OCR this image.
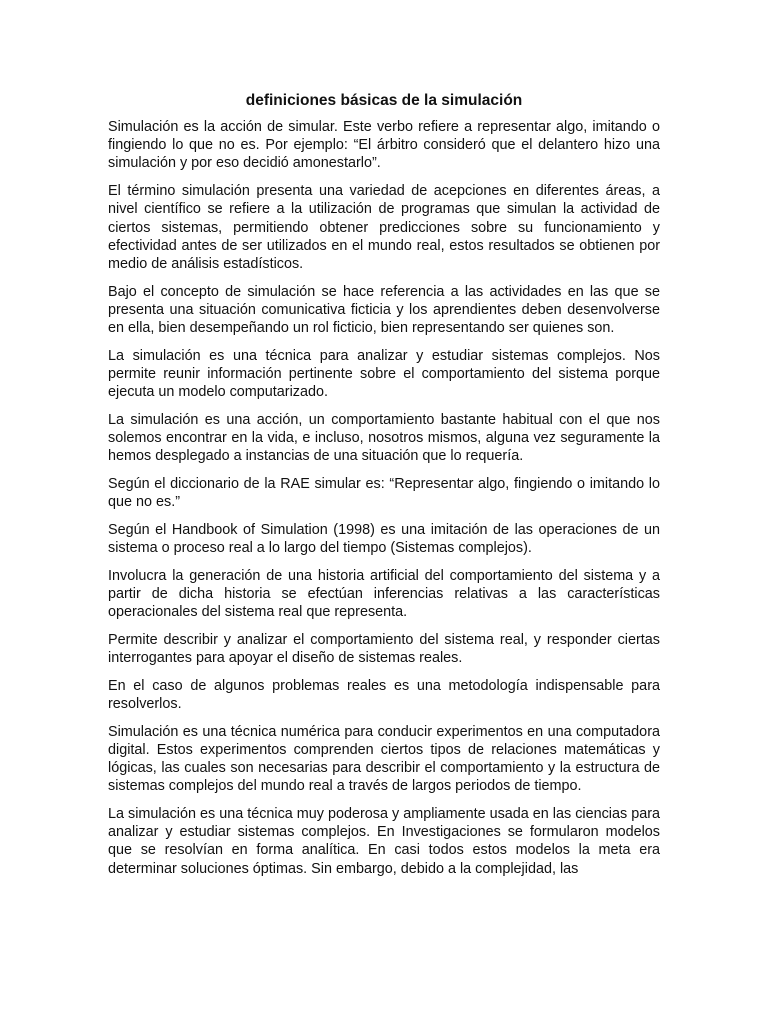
definiciones básicas de la simulación

Simulación es la acción de simular. Este verbo refiere a representar algo, imitando o fingiendo lo que no es. Por ejemplo: “El árbitro consideró que el delantero hizo una simulación y por eso decidió amonestarlo”.

El término simulación presenta una variedad de acepciones en diferentes áreas, a nivel científico se refiere a la utilización de programas que simulan la actividad de ciertos sistemas, permitiendo obtener predicciones sobre su funcionamiento y efectividad antes de ser utilizados en el mundo real, estos resultados se obtienen por medio de análisis estadísticos.

Bajo el concepto de simulación se hace referencia a las actividades en las que se presenta una situación comunicativa ficticia y los aprendientes deben desenvolverse en ella, bien desempeñando un rol ficticio, bien representando ser quienes son.

La simulación es una técnica para analizar y estudiar sistemas complejos. Nos permite reunir información pertinente sobre el comportamiento del sistema porque ejecuta un modelo computarizado.

La simulación es una acción, un comportamiento bastante habitual con el que nos solemos encontrar en la vida, e incluso, nosotros mismos, alguna vez seguramente la hemos desplegado a instancias de una situación que lo requería.

Según el diccionario de la RAE simular es: “Representar algo, fingiendo o imitando lo que no es.”

Según el Handbook of Simulation (1998) es una imitación de las operaciones de un sistema o proceso real a lo largo del tiempo (Sistemas complejos).

Involucra la generación de una historia artificial del comportamiento del sistema y a partir de dicha historia se efectúan inferencias relativas a las características operacionales del sistema real que representa.

Permite describir y analizar el comportamiento del sistema real, y responder ciertas interrogantes para apoyar el diseño de sistemas reales.

En el caso de algunos problemas reales es una metodología indispensable para resolverlos.

Simulación es una técnica numérica para conducir experimentos en una computadora digital. Estos experimentos comprenden ciertos tipos de relaciones matemáticas y lógicas, las cuales son necesarias para describir el comportamiento y la estructura de sistemas complejos del mundo real a través de largos periodos de tiempo.

La simulación es una técnica muy poderosa y ampliamente usada en las ciencias para analizar y estudiar sistemas complejos. En Investigaciones se formularon modelos que se resolvían en forma analítica. En casi todos estos modelos la meta era determinar soluciones óptimas. Sin embargo, debido a la complejidad, las
